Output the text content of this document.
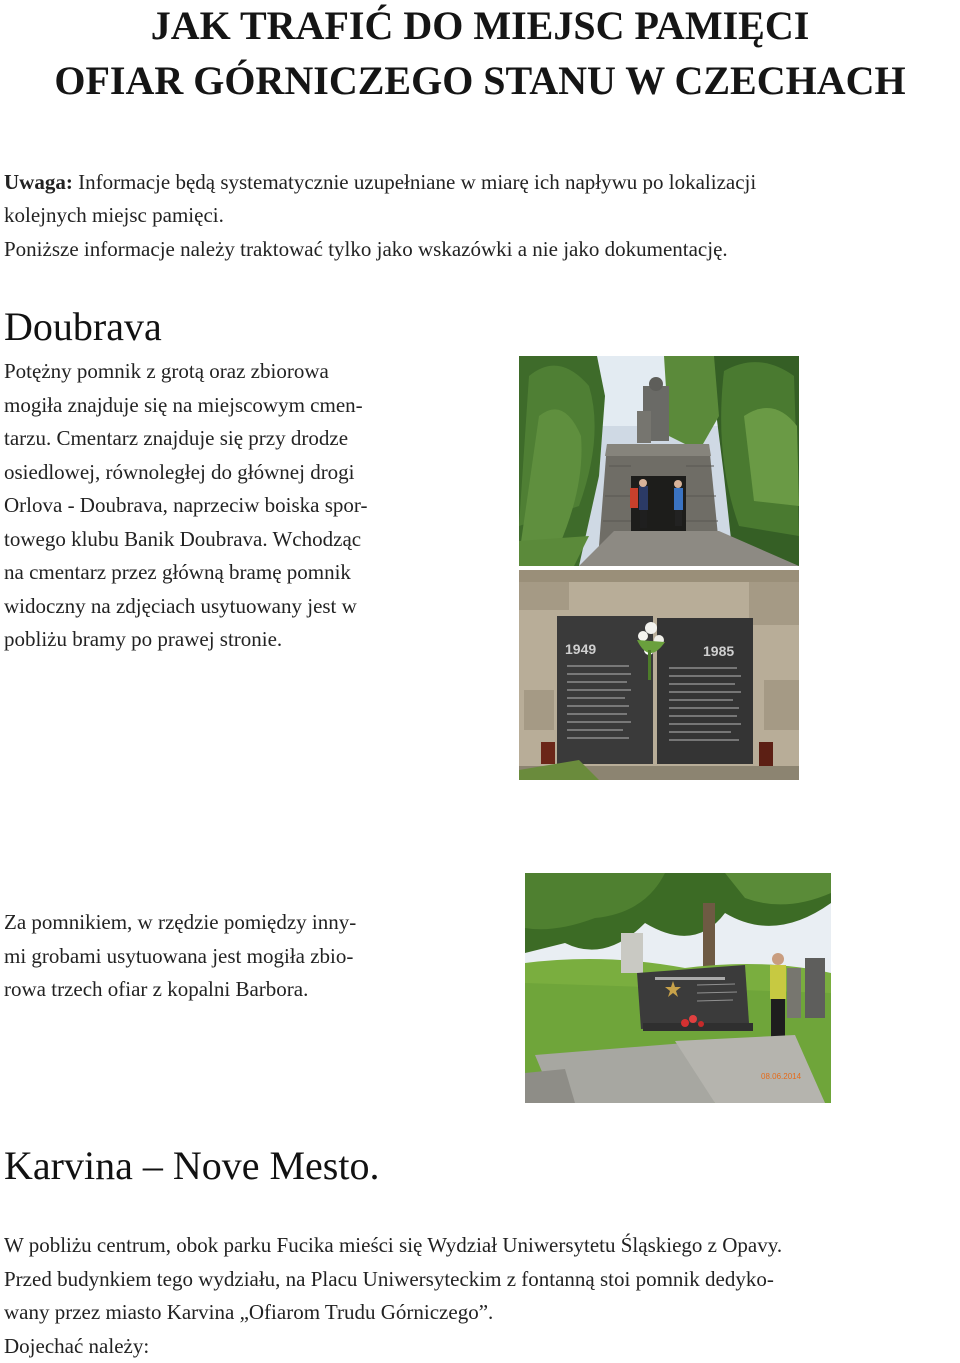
JAK TRAFIĆ DO MIEJSC PAMIĘCI
OFIAR GÓRNICZEGO STANU W CZECHACH
Uwaga: Informacje będą systematycznie uzupełniane w miarę ich napływu po lokalizacji
kolejnych miejsc pamięci.
Poniższe informacje należy traktować tylko jako wskazówki a nie jako dokumentację.
Doubrava
Potężny pomnik z grotą oraz zbiorowa
mogiła znajduje się na miejscowym cmen-
tarzu. Cmentarz znajduje się przy drodze
osiedlowej, równoległej do głównej drogi
Orlova - Doubrava, naprzeciw boiska spor-
towego klubu Banik Doubrava. Wchodząc
na cmentarz przez główną bramę pomnik
widoczny na zdjęciach usytuowany jest w
pobliżu bramy po prawej stronie.	1949	1985
Za pomnikiem, w rzędzie pomiędzy inny-
mi grobami usytuowana jest mogiła zbio-
rowa trzech ofiar z kopalni Barbora.
08.06.2014
Karvina – Nove Mesto.
W pobliżu centrum, obok parku Fucika mieści się Wydział Uniwersytetu Śląskiego z Opavy.
Przed budynkiem tego wydziału, na Placu Uniwersyteckim z fontanną stoi pomnik dedyko-
wany przez miasto Karvina „Ofiarom Trudu Górniczego”.
Dojechać należy:
